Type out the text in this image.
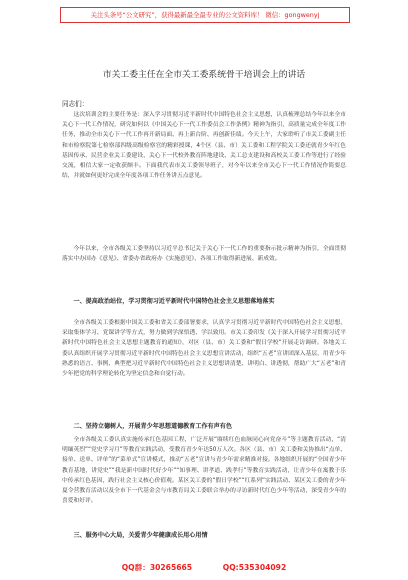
关注头条号“公文研究”，获得最新最全最专业的公文资料库！ 微信：gongwenyj
市关工委主任在全市关工委系统骨干培训会上的讲话
同志们：

这次培训会的主要任务是：深入学习贯彻习近平新时代中国特色社会主义思想，认真梳理总结今年以来全市关心下一代工作情况，研究如何以《中国关心下一代工作委员会工作条例》精神为指引，高质量完成全年度工作任务，推动全市关心下一代工作再开新局面、再上新台阶、再创新佳绩。今天上午，大家聆听了市关工委副主任和市检察院第七检察部四级高级检察官的精彩授课，4个区（县、市）关工委和工程学院关工委还就青少年红色基因传承、民营企业关工委建设、关心下一代校外教育阵地建设、关工总支建设和高校关工委工作等进行了经验交流，相信大家一定收获颇丰。下面我代表市关工委领导班子，对今年以来全市关心下一代工作情况作简要总结，并就如何更好完成全年度各项工作任务讲五点意见。

今年以来，全市各级关工委坚持以习近平总书记关于关心下一代工作的重要指示批示精神为指引，全面贯彻落实中办国办《意见》、省委办省政府办《实施意见》，各项工作取得新进展、新成效。

一、提高政治站位，学习贯彻习近平新时代中国特色社会主义思想落地落实

全市各级关工委根据中国关工委和省关工委部署要求，认真学习贯彻习近平新时代中国特色社会主义思想，采取集体学习、党课讲学等方式，努力做到学深悟透、学以致用。市关工委印发《关于深入开展学习贯彻习近平新时代中国特色社会主义思想主题教育的通知》，对区（县、市）关工委和“假日学校”开展走访调研。各地关工委认真组织开展学习贯彻习近平新时代中国特色社会主义思想宣讲活动，组织“五老”宣讲团深入基层，用青少年熟悉的语言、事例、典型把习近平新时代中国特色社会主义思想讲清楚、讲明白、讲透彻，帮助广大“五老”和青少年把党的科学理论转化为坚定信念和自觉行动。

二、坚持立德树人，开展青少年思想道德教育工作有声有色

全市各级关工委认真实施传承红色基因工程，广泛开展“赓续红色血脉同心向党奋斗”等主题教育活动，“清明缅英烈”“党史学习月”等教育实践活动，受教育青少年达50万人次。各区（县、市）关工委和关协推出“点单、接单、送单、评单”的“菜单式”宣讲模式，推动“五老”宣讲与青少年需求精准对接。各地组织开展的“全国青少年教育基地，讲党史”“我是新中国时代好少年”“知事理、讲孝道、践孝行”等教育实践活动，让青少年在寓教于乐中传承红色基因，践行社会主义核心价值观。某区关工委的“假日学校”“红系列”实践活动、某区关工委的青少年夏令营教育活动以及全市下一代基金会与市教育局关工委联合举办的寻访新时代红色少年等活动，深受青少年的喜爱和好评。

三、服务中心大局，关爱青少年健康成长用心用情

QQ群：30265665	QQ:535304092
